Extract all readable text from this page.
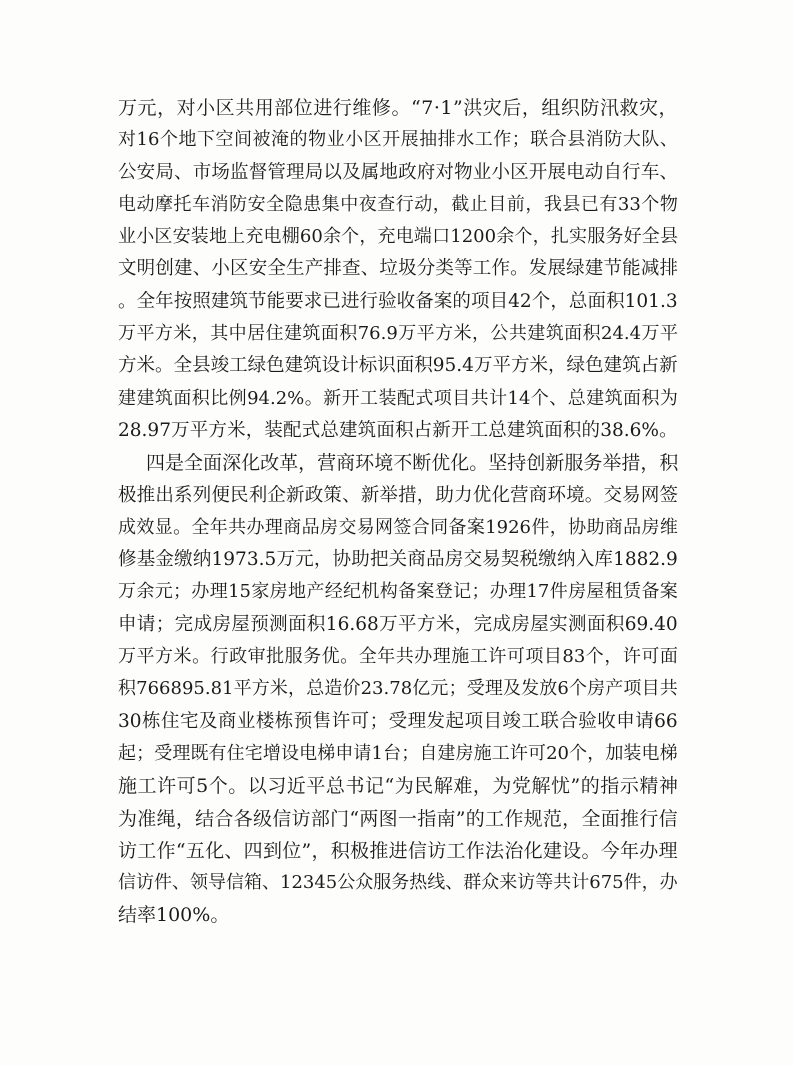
万 元 ， 对 小 区 共 用 部 位 进 行 维 修 。 “ 7 · 1 ” 洪 灾 后 ， 组 织 防 汛 救 灾 ，
对 16 个 地 下 空 间 被 淹 的 物 业 小 区 开 展 抽 排 水 工 作 ； 联 合 县 消 防 大 队 、
公 安 局 、 市 场 监 督 管 理 局 以 及 属 地 政 府 对 物 业 小 区 开 展 电 动 自 行 车 、
电 动 摩 托 车 消 防 安 全 隐 患 集 中 夜 查 行 动 ， 截 止 目 前 ， 我 县 已 有 33 个 物
业 小 区 安 装 地 上 充 电 棚 60 余 个 ， 充 电 端 口 1200 余 个 ， 扎 实 服 务 好 全 县
文 明 创 建 、 小 区 安 全 生 产 排 查 、 垃 圾 分 类 等 工 作 。 发 展 绿 建 节 能 减 排
。 全 年 按 照 建 筑 节 能 要 求 已 进 行 验 收 备 案 的 项 目 42 个 ， 总 面 积 101.3
万 平 方 米 ， 其 中 居 住 建 筑 面 积 76.9 万 平 方 米 ， 公 共 建 筑 面 积 24.4 万 平
方 米 。 全 县 竣 工 绿 色 建 筑 设 计 标 识 面 积 95.4 万 平 方 米 ， 绿 色 建 筑 占 新
建 建 筑 面 积 比 例 94.2% 。 新 开 工 装 配 式 项 目 共 计 14 个 、 总 建 筑 面 积 为
28.97 万 平 方 米 ， 装 配 式 总 建 筑 面 积 占 新 开 工 总 建 筑 面 积 的 38.6% 。
四 是 全 面 深 化 改 革 ， 营 商 环 境 不 断 优 化 。 坚 持 创 新 服 务 举 措 ， 积
极 推 出 系 列 便 民 利 企 新 政 策 、 新 举 措 ， 助 力 优 化 营 商 环 境 。 交 易 网 签
成 效 显 。 全 年 共 办 理 商 品 房 交 易 网 签 合 同 备 案 1926 件 ， 协 助 商 品 房 维
修 基 金 缴 纳 1973.5 万 元 ， 协 助 把 关 商 品 房 交 易 契 税 缴 纳 入 库 1882.9
万 余 元 ； 办 理 15 家 房 地 产 经 纪 机 构 备 案 登 记 ； 办 理 17 件 房 屋 租 赁 备 案
申 请 ； 完 成 房 屋 预 测 面 积 16.68 万 平 方 米 ， 完 成 房 屋 实 测 面 积 69.40
万 平 方 米 。 行 政 审 批 服 务 优 。 全 年 共 办 理 施 工 许 可 项 目 83 个 ， 许 可 面
积 766895.81 平 方 米 ， 总 造 价 23.78 亿 元 ； 受 理 及 发 放 6 个 房 产 项 目 共
30 栋 住 宅 及 商 业 楼 栋 预 售 许 可 ； 受 理 发 起 项 目 竣 工 联 合 验 收 申 请 66
起 ； 受 理 既 有 住 宅 增 设 电 梯 申 请 1 台 ； 自 建 房 施 工 许 可 20 个 ， 加 装 电 梯
施 工 许 可 5 个 。 以 习 近 平 总 书 记 “ 为 民 解 难 ， 为 党 解 忧 ” 的 指 示 精 神
为 准 绳 ， 结 合 各 级 信 访 部 门 “ 两 图 一 指 南 ” 的 工 作 规 范 ， 全 面 推 行 信
访 工 作 “ 五 化 、 四 到 位 ” ， 积 极 推 进 信 访 工 作 法 治 化 建 设 。 今 年 办 理
信 访 件 、 领 导 信 箱 、 12345 公 众 服 务 热 线 、 群 众 来 访 等 共 计 675 件 ， 办
结率100%。
